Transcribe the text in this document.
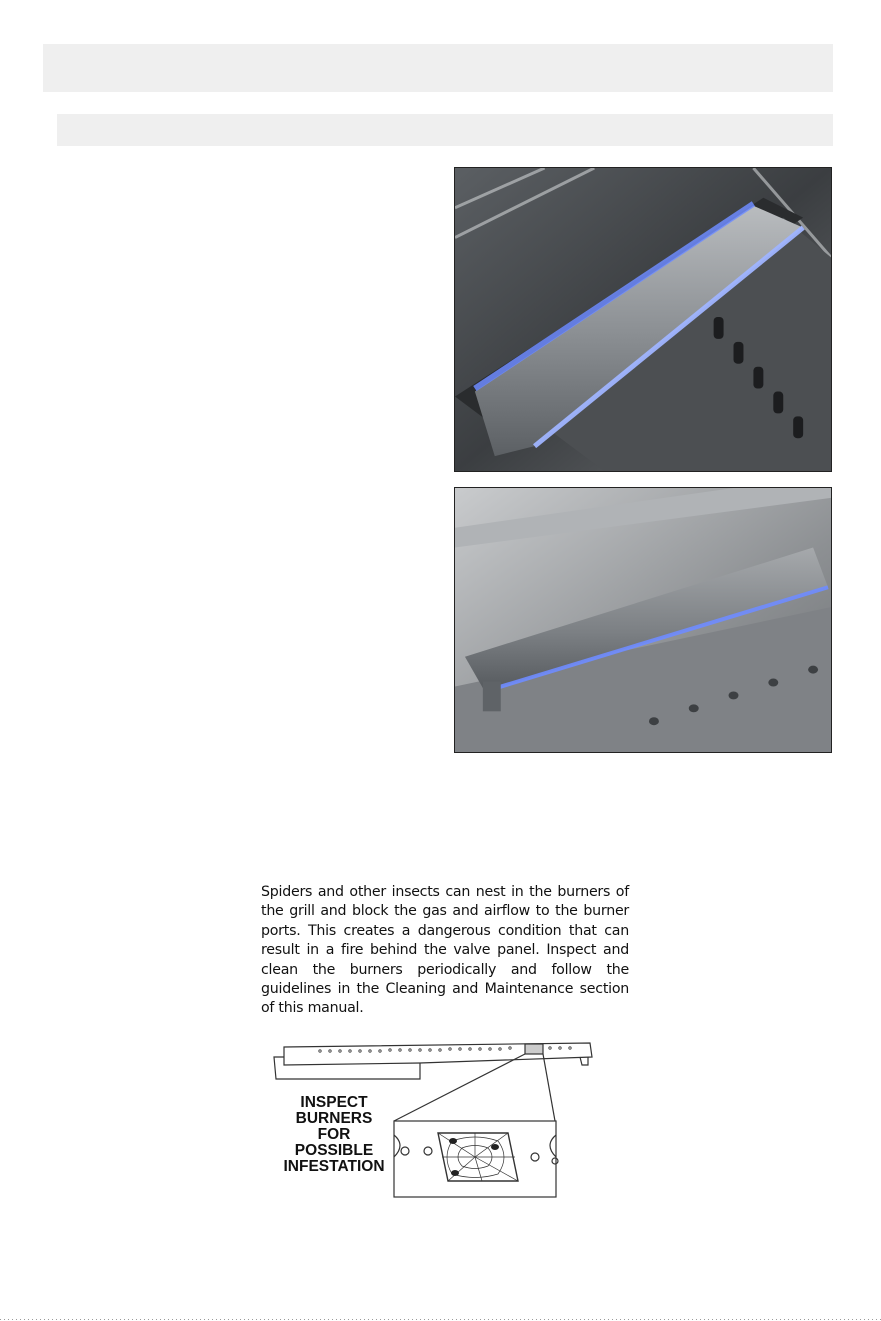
Spiders and other insects can nest in the burners of the grill and block the gas and airflow to the burner ports. This creates a dangerous condition that can result in a fire behind the valve panel. Inspect and clean the burners periodically and follow the guidelines in the Cleaning and Maintenance section of this manual.

INSPECT
BURNERS
FOR
POSSIBLE
INFESTATION
